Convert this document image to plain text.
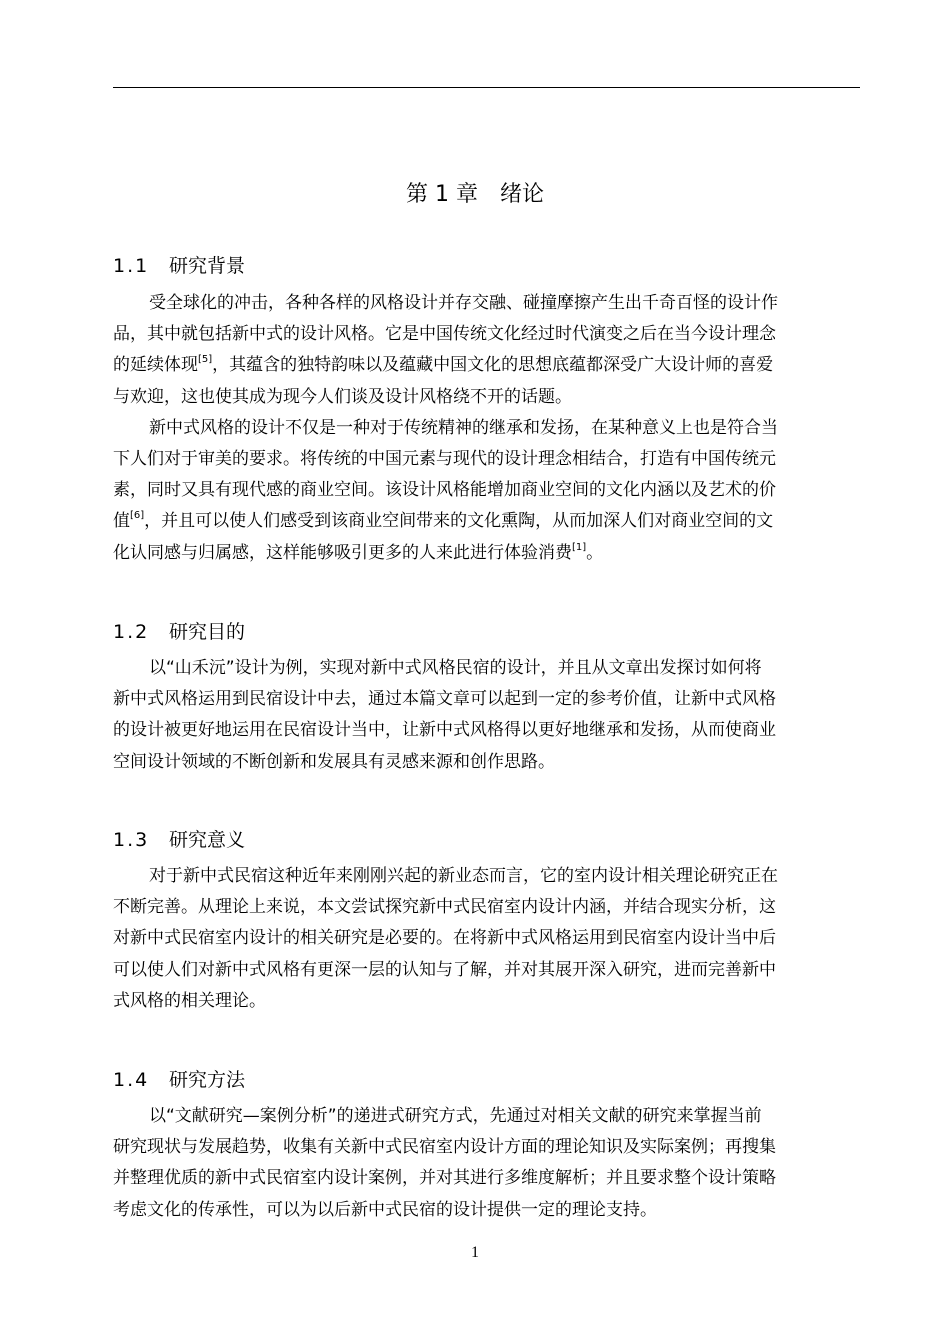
第 1 章 绪论
1.1 研究背景

受全球化的冲击，各种各样的风格设计并存交融、碰撞摩擦产生出千奇百怪的设计作
品，其中就包括新中式的设计风格。它是中国传统文化经过时代演变之后在当今设计理念
的延续体现[5]，其蕴含的独特韵味以及蕴藏中国文化的思想底蕴都深受广大设计师的喜爱
与欢迎，这也使其成为现今人们谈及设计风格绕不开的话题。

新中式风格的设计不仅是一种对于传统精神的继承和发扬，在某种意义上也是符合当
下人们对于审美的要求。将传统的中国元素与现代的设计理念相结合，打造有中国传统元
素，同时又具有现代感的商业空间。该设计风格能增加商业空间的文化内涵以及艺术的价
值[6]，并且可以使人们感受到该商业空间带来的文化熏陶，从而加深人们对商业空间的文
化认同感与归属感，这样能够吸引更多的人来此进行体验消费[1]。

1.2 研究目的

以“山禾沅”设计为例，实现对新中式风格民宿的设计，并且从文章出发探讨如何将
新中式风格运用到民宿设计中去，通过本篇文章可以起到一定的参考价值，让新中式风格
的设计被更好地运用在民宿设计当中，让新中式风格得以更好地继承和发扬，从而使商业
空间设计领域的不断创新和发展具有灵感来源和创作思路。

1.3 研究意义

对于新中式民宿这种近年来刚刚兴起的新业态而言，它的室内设计相关理论研究正在
不断完善。从理论上来说，本文尝试探究新中式民宿室内设计内涵，并结合现实分析，这
对新中式民宿室内设计的相关研究是必要的。在将新中式风格运用到民宿室内设计当中后
可以使人们对新中式风格有更深一层的认知与了解，并对其展开深入研究，进而完善新中
式风格的相关理论。

1.4 研究方法

以“文献研究—案例分析”的递进式研究方式，先通过对相关文献的研究来掌握当前
研究现状与发展趋势，收集有关新中式民宿室内设计方面的理论知识及实际案例；再搜集
并整理优质的新中式民宿室内设计案例，并对其进行多维度解析；并且要求整个设计策略
考虑文化的传承性，可以为以后新中式民宿的设计提供一定的理论支持。

1
